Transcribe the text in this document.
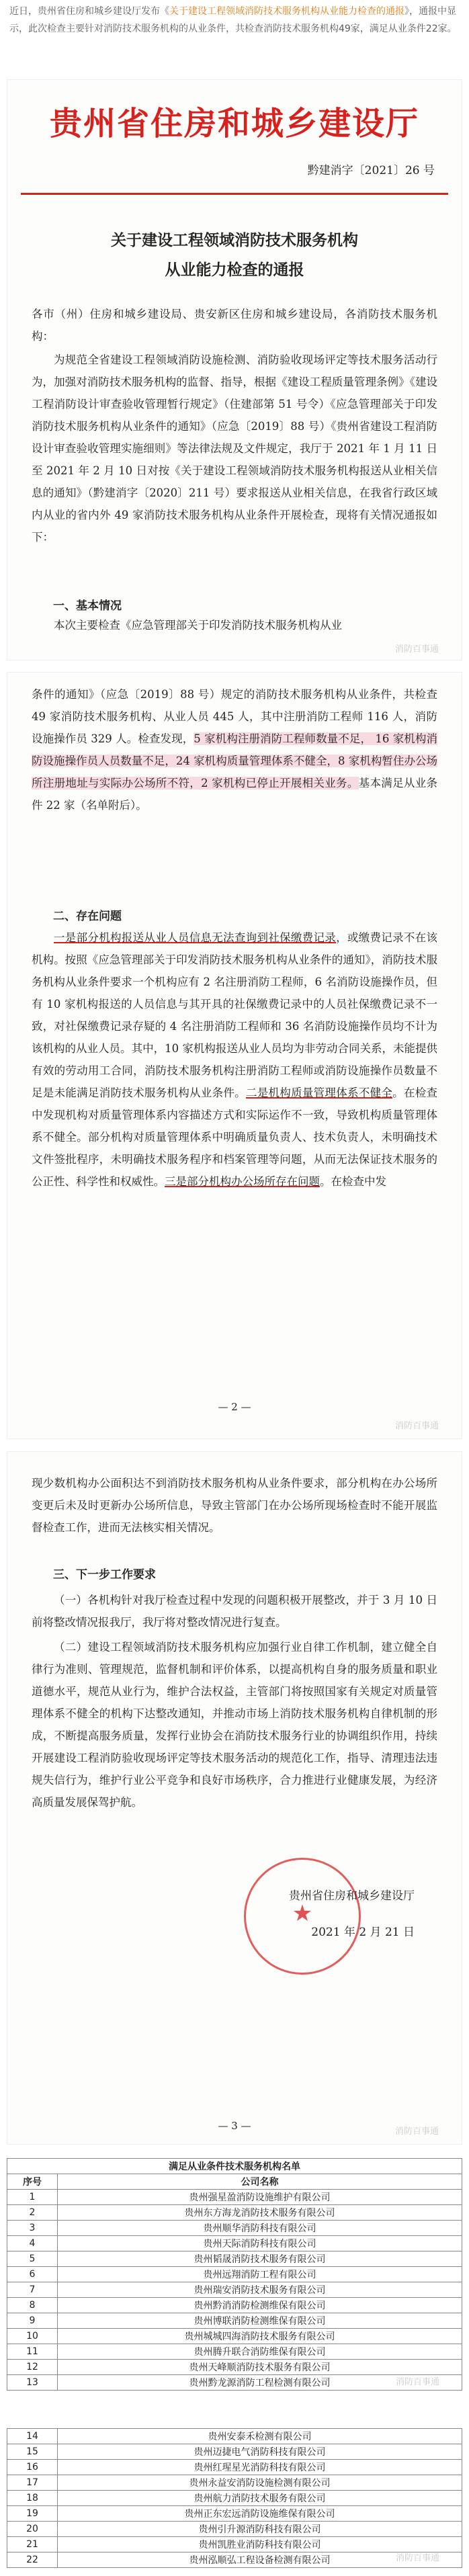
近日，贵州省住房和城乡建设厅发布《关于建设工程领域消防技术服务机构从业能力检查的通报》，通报中显示，此次检查主要针对消防技术服务机构的从业条件，共检查消防技术服务机构49家，满足从业条件22家。
贵州省住房和城乡建设厅
黔建消字〔2021〕26 号
关于建设工程领域消防技术服务机构
从业能力检查的通报
各市（州）住房和城乡建设局、贵安新区住房和城乡建设局，各消防技术服务机构：
为规范全省建设工程领域消防设施检测、消防验收现场评定等技术服务活动行为，加强对消防技术服务机构的监督、指导，根据《建设工程质量管理条例》《建设工程消防设计审查验收管理暂行规定》（住建部第 51 号令）《应急管理部关于印发消防技术服务机构从业条件的通知》（应急〔2019〕88 号）《贵州省建设工程消防设计审查验收管理实施细则》等法律法规及文件规定，我厅于 2021 年 1 月 11 日至 2021 年 2 月 10 日对按《关于建设工程领域消防技术服务机构报送从业相关信息的通知》（黔建消字〔2020〕211 号）要求报送从业相关信息，在我省行政区域内从业的省内外 49 家消防技术服务机构从业条件开展检查，现将有关情况通报如下：
一、基本情况
本次主要检查《应急管理部关于印发消防技术服务机构从业
消防百事通
条件的通知》（应急〔2019〕88 号）规定的消防技术服务机构从业条件，共检查 49 家消防技术服务机构、从业人员 445 人，其中注册消防工程师 116 人，消防设施操作员 329 人。检查发现，5 家机构注册消防工程师数量不足， 16 家机构消防设施操作员人员数量不足，24 家机构质量管理体系不健全，8 家机构暂住办公场所注册地址与实际办公场所不符，2 家机构已停止开展相关业务。基本满足从业条件 22 家（名单附后）。
二、存在问题
一是部分机构报送从业人员信息无法查询到社保缴费记录，或缴费记录不在该机构。按照《应急管理部关于印发消防技术服务机构从业条件的通知》，消防技术服务机构从业条件要求一个机构应有 2 名注册消防工程师，6 名消防设施操作员，但有 10 家机构报送的人员信息与其开具的社保缴费记录中的人员社保缴费记录不一致，对社保缴费记录存疑的 4 名注册消防工程师和 36 名消防设施操作员均不计为该机构的从业人员。其中，10 家机构报送从业人员均为非劳动合同关系，未能提供有效的劳动用工合同，消防技术服务机构注册消防工程师或消防设施操作员数量不足是未能满足消防技术服务机构从业条件。二是机构质量管理体系不健全。在检查中发现机构对质量管理体系内容描述方式和实际运作不一致，导致机构质量管理体系不健全。部分机构对质量管理体系中明确质量负责人、技术负责人，未明确技术文件签批程序，未明确技术服务程序和档案管理等问题，从而无法保证技术服务的公正性、科学性和权威性。三是部分机构办公场所存在问题。在检查中发
— 2 —
消防百事通
现少数机构办公面积达不到消防技术服务机构从业条件要求，部分机构在办公场所变更后未及时更新办公场所信息，导致主管部门在办公场所现场检查时不能开展监督检查工作，进而无法核实相关情况。
三、下一步工作要求
（一）各机构针对我厅检查过程中发现的问题积极开展整改，并于 3 月 10 日前将整改情况报我厅，我厅将对整改情况进行复查。
（二）建设工程领域消防技术服务机构应加强行业自律工作机制，建立健全自律行为准则、管理规范，监督机制和评价体系，以提高机构自身的服务质量和职业道德水平，规范从业行为，维护合法权益，主管部门将按照国家有关规定对质量管理体系不健全的机构下达整改通知，并推动市场上消防技术服务机构自律机制的形成，不断提高服务质量，发挥行业协会在消防技术服务行业的协调组织作用，持续开展建设工程消防验收现场评定等技术服务活动的规范化工作，指导、清理违法违规失信行为，维护行业公平竞争和良好市场秩序，合力推进行业健康发展，为经济高质量发展保驾护航。
★
贵州省住房和城乡建设厅
2021 年 2 月 21 日
— 3 —	消防百事通
满足从业条件技术服务机构名单	
序号	公司名称
1	贵州强星盈消防设施维护有限公司
2	贵州东方海龙消防技术服务有限公司
3	贵州顺华消防科技有限公司
4	贵州天际消防科技有限公司
5	贵州韬晟消防技术服务有限公司
6	贵州远翔消防工程有限公司
7	贵州瑞安消防技术服务有限公司
8	贵州黔消消防检测维保有限公司
9	贵州博联消防检测维保有限公司
10	贵州城城四海消防技术服务有限公司
11	贵州腾升联合消防维保有限公司
12	贵州天峰顺消防技术服务有限公司
13	贵州黔龙源消防工程检测有限公司

14	贵州安泰禾检测有限公司
15	贵州迈捷电气消防科技有限公司
16	贵州红瑆星光消防科技有限公司
17	贵州永益安消防设施检测有限公司
18	贵州航力消防技术服务有限公司
19	贵州正东宏远消防设施维保有限公司
20	贵州引升源消防科技有限公司
21	贵州凯胜业消防科技有限公司
22	贵州泓顺弘工程设备检测有限公司
消防百事通
消防百事通
